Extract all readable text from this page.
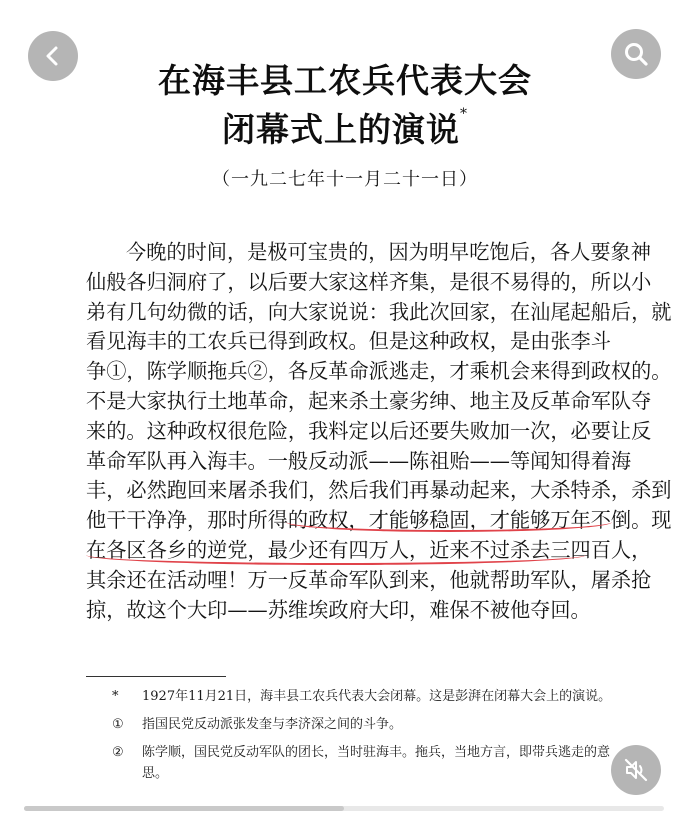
在海丰县工农兵代表大会
闭幕式上的演说*
（一九二七年十一月二十一日）
今晚的时间，是极可宝贵的，因为明早吃饱后，各人要象神
仙般各归洞府了，以后要大家这样齐集，是很不易得的，所以小
弟有几句幼微的话，向大家说说：我此次回家，在汕尾起船后，就
看见海丰的工农兵已得到政权。但是这种政权，是由张李斗
争①，陈学顺拖兵②，各反革命派逃走，才乘机会来得到政权的。
不是大家执行土地革命，起来杀土豪劣绅、地主及反革命军队夺
来的。这种政权很危险，我料定以后还要失败加一次，必要让反
革命军队再入海丰。一般反动派——陈祖贻——等闻知得着海
丰，必然跑回来屠杀我们，然后我们再暴动起来，大杀特杀，杀到
他干干净净，那时所得的政权，才能够稳固，才能够万年不倒。现
在各区各乡的逆党，最少还有四万人，近来不过杀去三四百人，
其余还在活动哩！万一反革命军队到来，他就帮助军队，屠杀抢
掠，故这个大印——苏维埃政府大印，难保不被他夺回。
* 1927年11月21日，海丰县工农兵代表大会闭幕。这是彭湃在闭幕大会上的演说。
① 指国民党反动派张发奎与李济深之间的斗争。
② 陈学顺，国民党反动军队的团长，当时驻海丰。拖兵，当地方言，即带兵逃走的意思。
